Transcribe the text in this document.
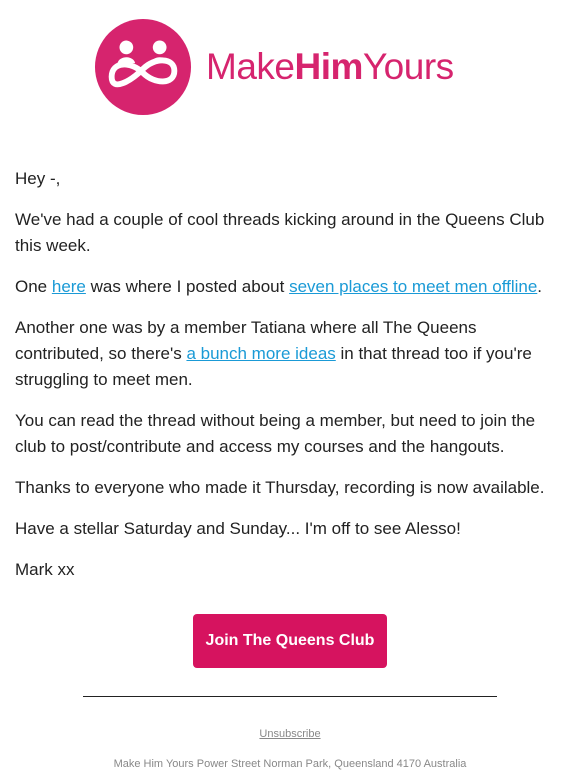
MakeHimYours

Hey -,

We've had a couple of cool threads kicking around in the Queens Club this week.

One here was where I posted about seven places to meet men offline.

Another one was by a member Tatiana where all The Queens contributed, so there's a bunch more ideas in that thread too if you're struggling to meet men.

You can read the thread without being a member, but need to join the club to post/contribute and access my courses and the hangouts.

Thanks to everyone who made it Thursday, recording is now available.

Have a stellar Saturday and Sunday... I'm off to see Alesso!

Mark xx

Join The Queens Club
Unsubscribe
Make Him Yours Power Street Norman Park, Queensland 4170 Australia
